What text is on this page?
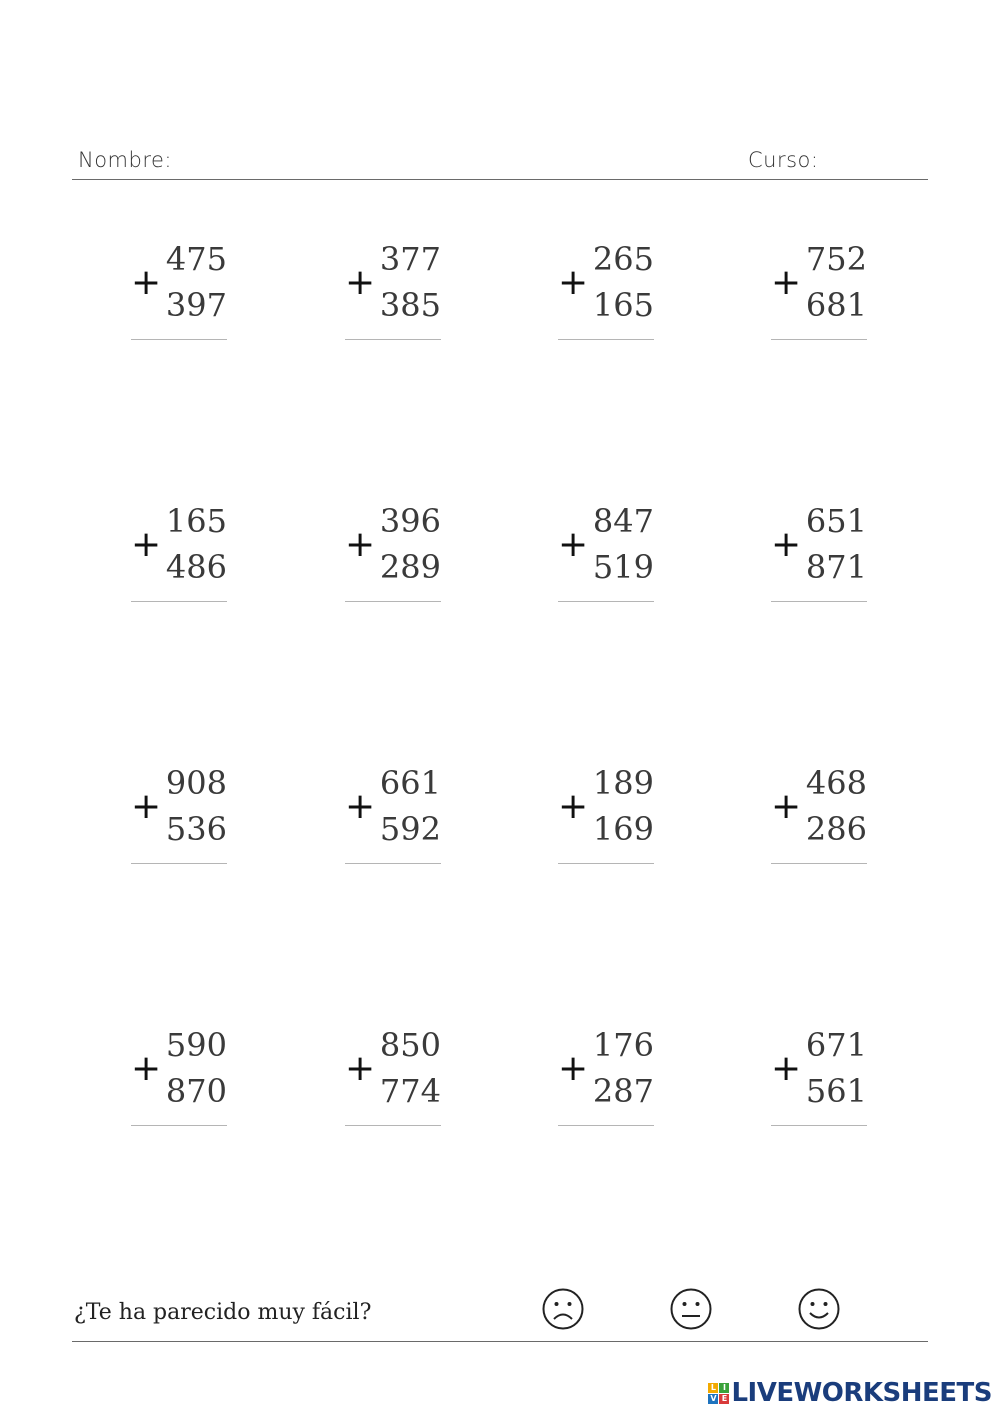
Nombre:	Curso:
+
475
397
+
377
385
+
265
165
+
752
681
+
165
486
+
396
289
+
847
519
+
651
871
+
908
536
+
661
592
+
189
169
+
468
286
+
590
870
+
850
774
+
176
287
+
671
561
¿Te ha parecido muy fácil?
L I
V E LIVEWORKSHEETS
